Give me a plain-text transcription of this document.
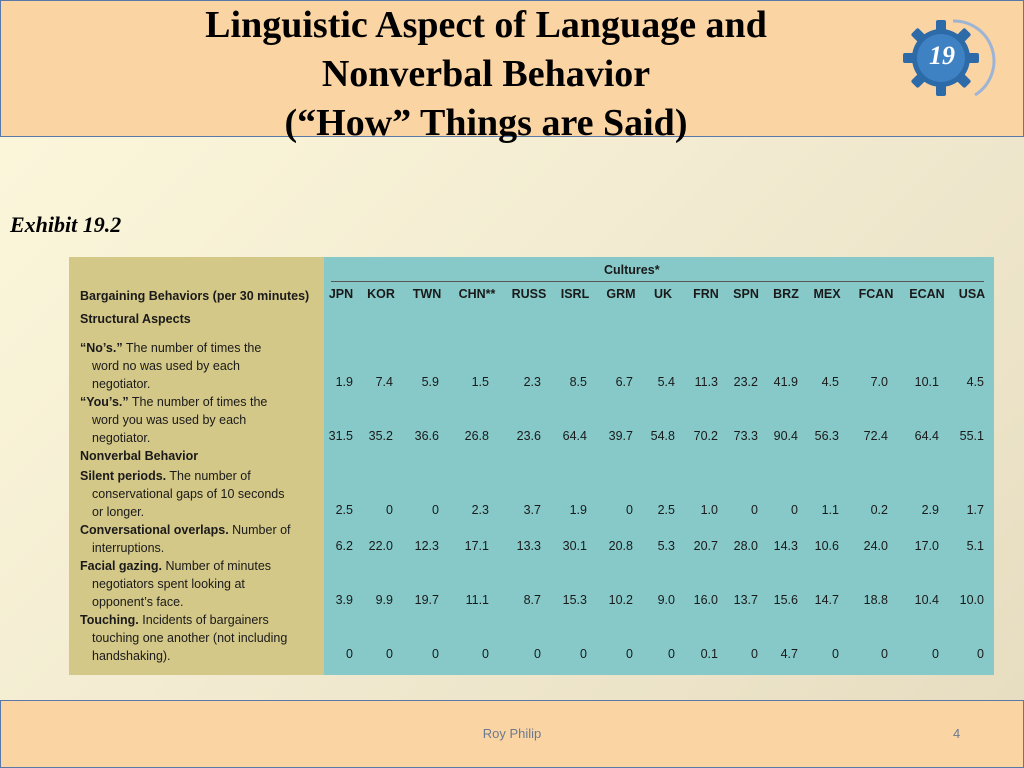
Linguistic Aspect of Language and
Nonverbal Behavior
(“How” Things are Said)
19
Exhibit 19.2
Cultures*
Bargaining Behaviors (per 30 minutes)	JPN	KOR	TWN	CHN**	RUSS	ISRL	GRM	UK	FRN	SPN	BRZ	MEX	FCAN	ECAN	USA
Structural Aspects
Nonverbal Behavior
“No’s.” The number of times the
word no was used by each
negotiator.	1.9	7.4	5.9	1.5	2.3	8.5	6.7	5.4	11.3	23.2	41.9	4.5	7.0	10.1	4.5
“You’s.” The number of times the
word you was used by each
negotiator.	31.5	35.2	36.6	26.8	23.6	64.4	39.7	54.8	70.2	73.3	90.4	56.3	72.4	64.4	55.1
Silent periods. The number of
conservational gaps of 10 seconds
or longer.	2.5	0	0	2.3	3.7	1.9	0	2.5	1.0	0	0	1.1	0.2	2.9	1.7
Conversational overlaps. Number of
interruptions.	6.2	22.0	12.3	17.1	13.3	30.1	20.8	5.3	20.7	28.0	14.3	10.6	24.0	17.0	5.1
Facial gazing. Number of minutes
negotiators spent looking at
opponent’s face.	3.9	9.9	19.7	11.1	8.7	15.3	10.2	9.0	16.0	13.7	15.6	14.7	18.8	10.4	10.0
Touching. Incidents of bargainers
touching one another (not including
handshaking).	0	0	0	0	0	0	0	0	0.1	0	4.7	0	0	0	0
Roy Philip	4
